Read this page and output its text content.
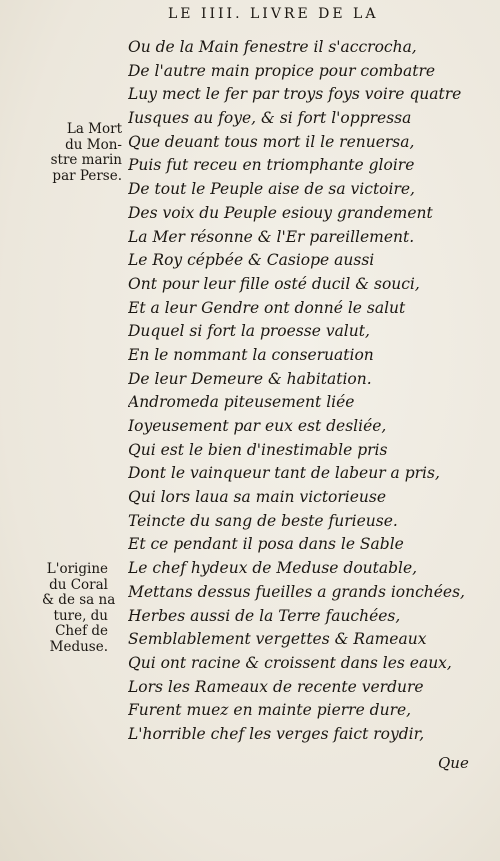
LE IIII. LIVRE DE LA
Ou de la Main fenestre il s'accrocha,
De l'autre main propice pour combatre
Luy mect le fer par troys foys voire quatre
Iusques au foye, & si fort l'oppressa
Que deuant tous mort il le renuersa,
Puis fut receu en triomphante gloire
De tout le Peuple aise de sa victoire,
Des voix du Peuple esiouy grandement
La Mer résonne & l'Er pareillement.
Le Roy cépbée & Casiope aussi
Ont pour leur fille osté ducil & souci,
Et a leur Gendre ont donné le salut
Duquel si fort la proesse valut,
En le nommant la conseruation
De leur Demeure & habitation.
Andromeda piteusement liée
Ioyeusement par eux est desliée,
Qui est le bien d'inestimable pris
Dont le vainqueur tant de labeur a pris,
Qui lors laua sa main victorieuse
Teincte du sang de beste furieuse.
Et ce pendant il posa dans le Sable
Le chef hydeux de Meduse doutable,
Mettans dessus fueilles a grands ionchées,
Herbes aussi de la Terre fauchées,
Semblablement vergettes & Rameaux
Qui ont racine & croissent dans les eaux,
Lors les Rameaux de recente verdure
Furent muez en mainte pierre dure,
L'horrible chef les verges faict roydir,
La Mort
du Mon-
stre marin
par Perse.
L'origine
du Coral
& de sa na
ture, du
Chef de
Meduse.
Que
